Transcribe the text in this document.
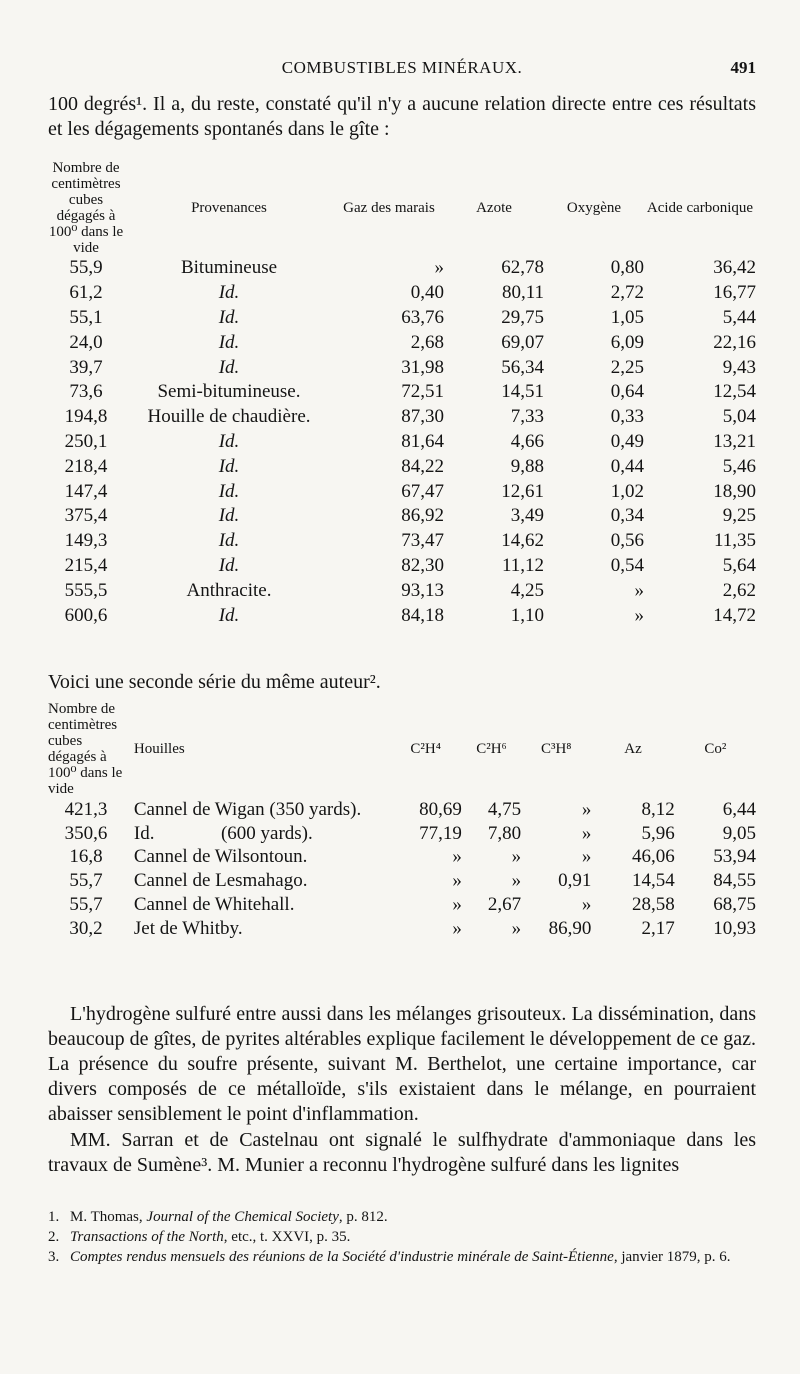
COMBUSTIBLES MINÉRAUX.	491

100 degrés¹. Il a, du reste, constaté qu'il n'y a aucune relation directe entre ces résultats et les dégagements spontanés dans le gîte :

Nombre de centimètres cubes dégagés à 100⁰ dans le vide	Provenances	Gaz des marais	Azote	Oxygène	Acide carbonique
55,9	Bitumineuse	»	62,78	0,80	36,42
61,2	Id.	0,40	80,11	2,72	16,77
55,1	Id.	63,76	29,75	1,05	5,44
24,0	Id.	2,68	69,07	6,09	22,16
39,7	Id.	31,98	56,34	2,25	9,43
73,6	Semi-bitumineuse.	72,51	14,51	0,64	12,54
194,8	Houille de chaudière.	87,30	7,33	0,33	5,04
250,1	Id.	81,64	4,66	0,49	13,21
218,4	Id.	84,22	9,88	0,44	5,46
147,4	Id.	67,47	12,61	1,02	18,90
375,4	Id.	86,92	3,49	0,34	9,25
149,3	Id.	73,47	14,62	0,56	11,35
215,4	Id.	82,30	11,12	0,54	5,64
555,5	Anthracite.	93,13	4,25	»	2,62
600,6	Id.	84,18	1,10	»	14,72

Voici une seconde série du même auteur².

Nombre de centimètres cubes dégagés à 100⁰ dans le vide	Houilles	C²H⁴	C²H⁶	C³H⁸	Az	Co²
421,3	Cannel de Wigan (350 yards).	80,69	4,75	»	8,12	6,44
350,6	Id.              (600 yards).	77,19	7,80	»	5,96	9,05
16,8	Cannel de Wilsontoun.	»	»	»	46,06	53,94
55,7	Cannel de Lesmahago.	»	»	0,91	14,54	84,55
55,7	Cannel de Whitehall.	»	2,67	»	28,58	68,75
30,2	Jet de Whitby.	»	»	86,90	2,17	10,93

L'hydrogène sulfuré entre aussi dans les mélanges grisouteux. La dissémination, dans beaucoup de gîtes, de pyrites altérables explique facilement le développement de ce gaz. La présence du soufre présente, suivant M. Berthelot, une certaine importance, car divers composés de ce métalloïde, s'ils existaient dans le mélange, en pourraient abaisser sensiblement le point d'inflammation.

MM. Sarran et de Castelnau ont signalé le sulfhydrate d'ammoniaque dans les travaux de Sumène³. M. Munier a reconnu l'hydrogène sulfuré dans les lignites

1. M. Thomas, Journal of the Chemical Society, p. 812.

2. Transactions of the North, etc., t. XXVI, p. 35.

3. Comptes rendus mensuels des réunions de la Société d'industrie minérale de Saint-Étienne, janvier 1879, p. 6.
